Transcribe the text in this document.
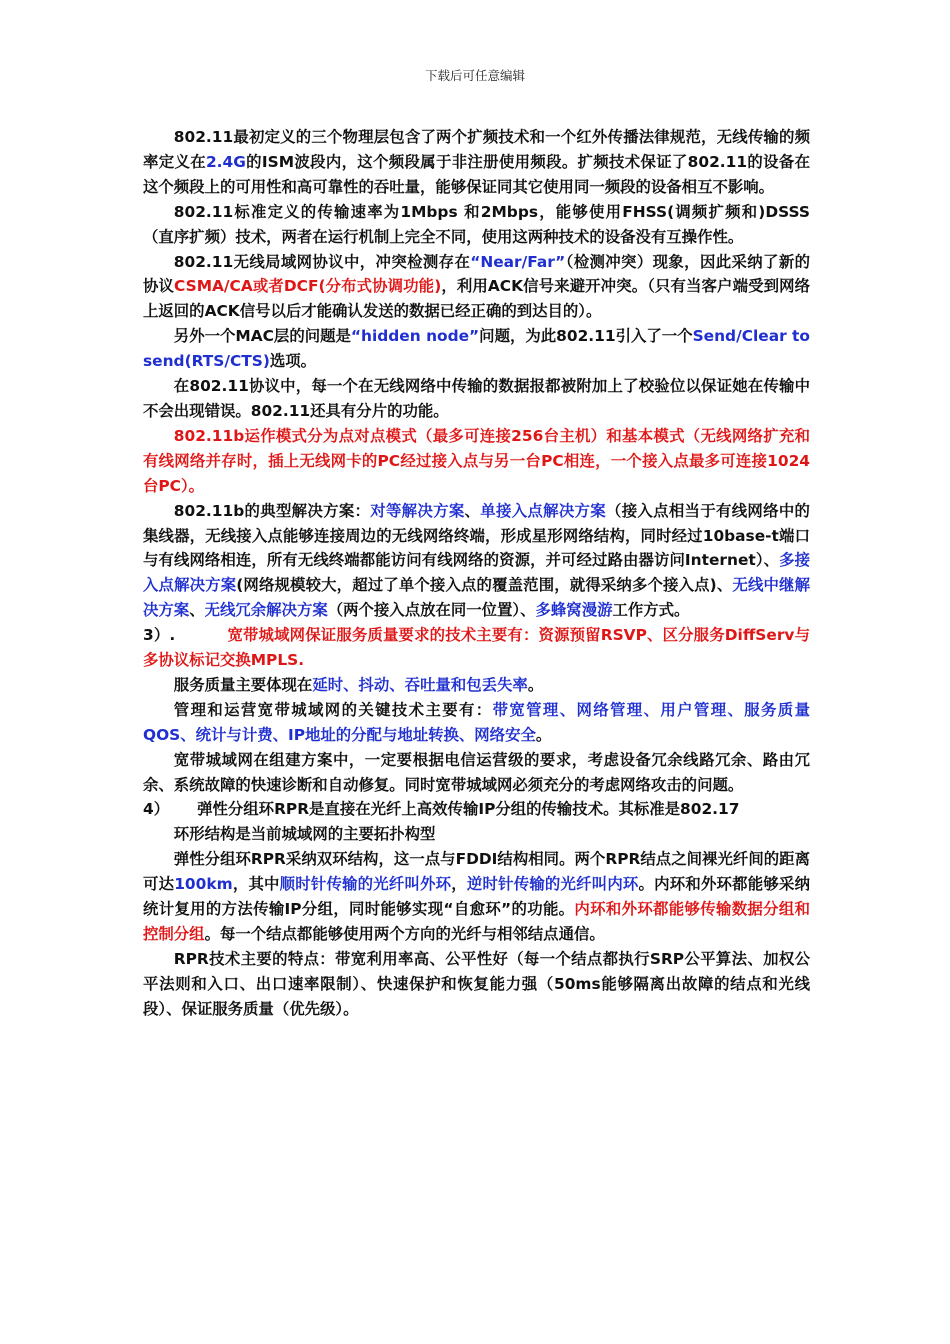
下载后可任意编辑

802.11最初定义的三个物理层包含了两个扩频技术和一个红外传播法律规范，无线传输的频率定义在2.4G的ISM波段内，这个频段属于非注册使用频段。扩频技术保证了802.11的设备在这个频段上的可用性和高可靠性的吞吐量，能够保证同其它使用同一频段的设备相互不影响。

802.11标准定义的传输速率为1Mbps 和2Mbps，能够使用FHSS(调频扩频和)DSSS（直序扩频）技术，两者在运行机制上完全不同，使用这两种技术的设备没有互操作性。

802.11无线局域网协议中，冲突检测存在“Near/Far”（检测冲突）现象，因此采纳了新的协议CSMA/CA或者DCF(分布式协调功能)，利用ACK信号来避开冲突。（只有当客户端受到网络上返回的ACK信号以后才能确认发送的数据已经正确的到达目的）。

另外一个MAC层的问题是“hidden node”问题，为此802.11引入了一个Send/Clear to send(RTS/CTS)选项。

在802.11协议中，每一个在无线网络中传输的数据报都被附加上了校验位以保证她在传输中不会出现错误。802.11还具有分片的功能。

802.11b运作模式分为点对点模式（最多可连接256台主机）和基本模式（无线网络扩充和有线网络并存时，插上无线网卡的PC经过接入点与另一台PC相连，一个接入点最多可连接1024台PC）。

802.11b的典型解决方案：对等解决方案、单接入点解决方案（接入点相当于有线网络中的集线器，无线接入点能够连接周边的无线网络终端，形成星形网络结构，同时经过10base-t端口与有线网络相连，所有无线终端都能访问有线网络的资源，并可经过路由器访问Internet）、多接入点解决方案(网络规模较大，超过了单个接入点的覆盖范围，就得采纳多个接入点)、无线中继解决方案、无线冗余解决方案（两个接入点放在同一位置）、多蜂窝漫游工作方式。

3）.	宽带城域网保证服务质量要求的技术主要有：资源预留RSVP、区分服务DiffServ与多协议标记交换MPLS.

服务质量主要体现在延时、抖动、吞吐量和包丢失率。

管理和运营宽带城域网的关键技术主要有：带宽管理、网络管理、用户管理、服务质量QOS、统计与计费、IP地址的分配与地址转换、网络安全。

宽带城域网在组建方案中，一定要根据电信运营级的要求，考虑设备冗余线路冗余、路由冗余、系统故障的快速诊断和自动修复。同时宽带城域网必须充分的考虑网络攻击的问题。

4） 弹性分组环RPR是直接在光纤上高效传输IP分组的传输技术。其标准是802.17

环形结构是当前城域网的主要拓扑构型

弹性分组环RPR采纳双环结构，这一点与FDDI结构相同。两个RPR结点之间裸光纤间的距离可达100km，其中顺时针传输的光纤叫外环，逆时针传输的光纤叫内环。内环和外环都能够采纳统计复用的方法传输IP分组，同时能够实现“自愈环”的功能。内环和外环都能够传输数据分组和控制分组。每一个结点都能够使用两个方向的光纤与相邻结点通信。

RPR技术主要的特点：带宽利用率高、公平性好（每一个结点都执行SRP公平算法、加权公平法则和入口、出口速率限制）、快速保护和恢复能力强（50ms能够隔离出故障的结点和光线段）、保证服务质量（优先级）。
